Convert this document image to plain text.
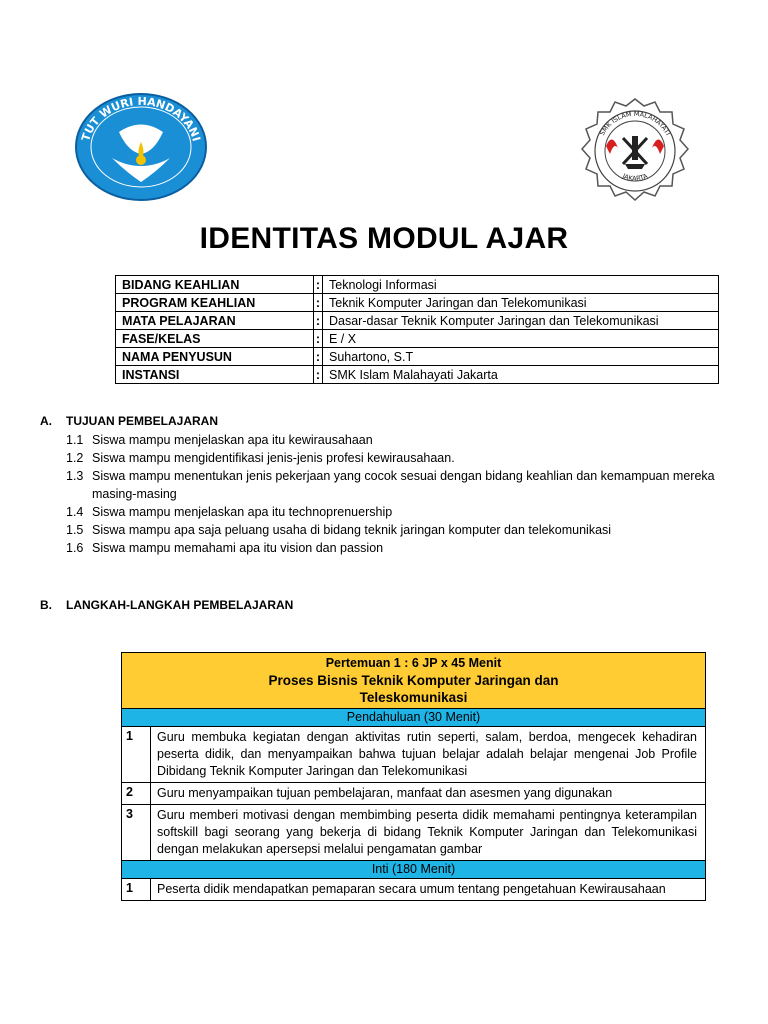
TUT WURI HANDAYANI
SMK ISLAM MALAHAYATI
JAKARTA
IDENTITAS MODUL AJAR
BIDANG KEAHLIAN	:	Teknologi Informasi
PROGRAM KEAHLIAN	:	Teknik Komputer Jaringan dan Telekomunikasi
MATA PELAJARAN	:	Dasar-dasar Teknik Komputer Jaringan dan Telekomunikasi
FASE/KELAS	:	E / X
NAMA PENYUSUN	:	Suhartono, S.T
INSTANSI	:	SMK Islam Malahayati Jakarta
A. TUJUAN PEMBELAJARAN
1.1 Siswa mampu menjelaskan apa itu kewirausahaan
1.2 Siswa mampu mengidentifikasi jenis-jenis profesi kewirausahaan.
1.3 Siswa mampu menentukan jenis pekerjaan yang cocok sesuai dengan bidang keahlian dan kemampuan mereka
masing-masing
1.4 Siswa mampu menjelaskan apa itu technoprenuership
1.5 Siswa mampu apa saja peluang usaha di bidang teknik jaringan komputer dan telekomunikasi
1.6 Siswa mampu memahami apa itu vision dan passion
B. LANGKAH-LANGKAH PEMBELAJARAN
Pertemuan 1 : 6 JP x 45 Menit
Proses Bisnis Teknik Komputer Jaringan dan
Teleskomunikasi	

Pendahuluan (30 Menit)	
1	Guru membuka kegiatan dengan aktivitas rutin seperti, salam, berdoa, mengecek kehadiran peserta didik, dan menyampaikan bahwa tujuan belajar adalah belajar mengenai Job Profile Dibidang Teknik Komputer Jaringan dan Telekomunikasi
2	Guru menyampaikan tujuan pembelajaran, manfaat dan asesmen yang digunakan
3	Guru memberi motivasi dengan membimbing peserta didik memahami pentingnya keterampilan softskill bagi seorang yang bekerja di bidang Teknik Komputer Jaringan dan Telekomunikasi dengan melakukan apersepsi melalui pengamatan gambar
Inti (180 Menit)	
1	Peserta didik mendapatkan pemaparan secara umum tentang pengetahuan Kewirausahaan
